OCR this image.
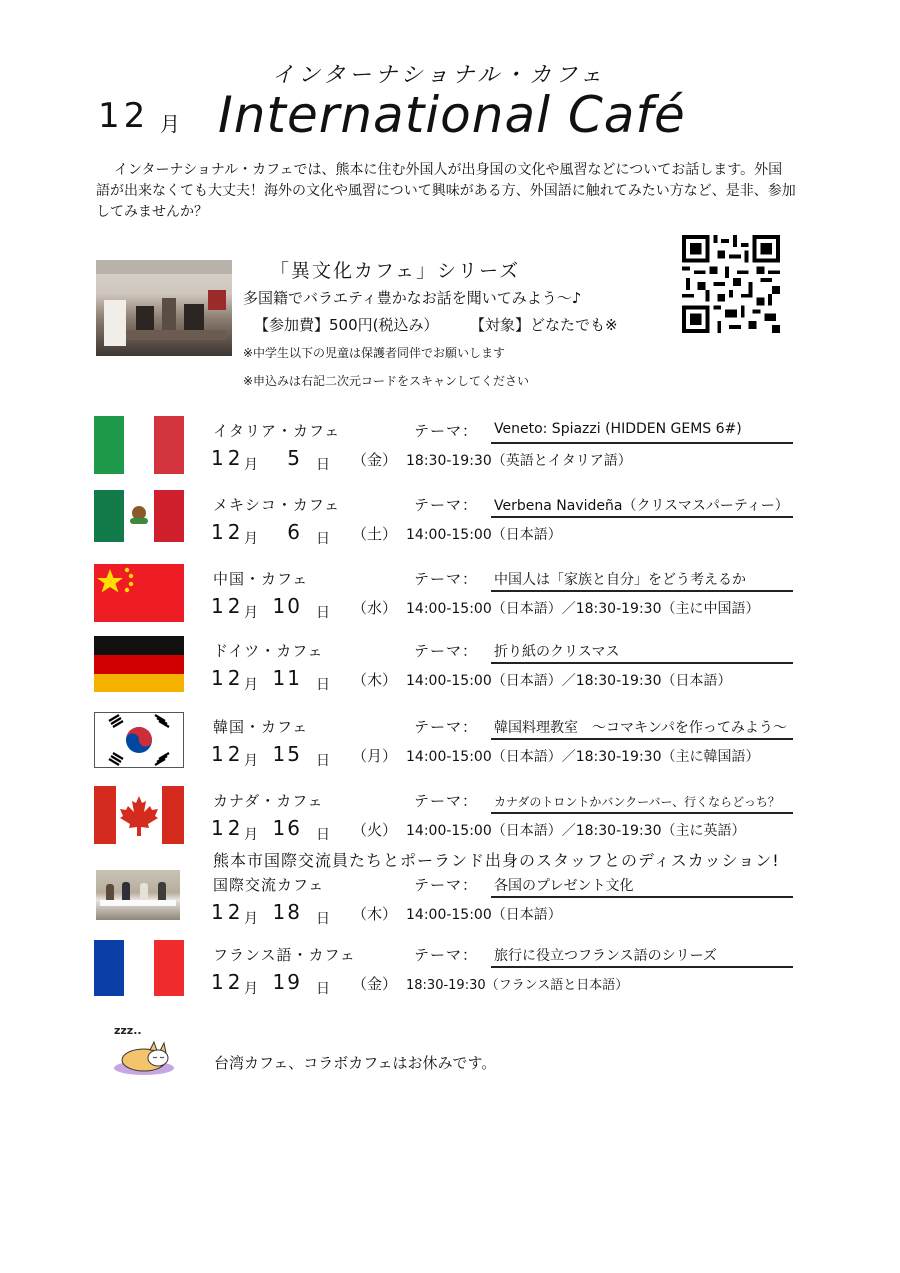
インターナショナル・カフェ
12 月 International Café
インターナショナル・カフェでは、熊本に住む外国人が出身国の文化や風習などについてお話します。外国語が出来なくても大丈夫！海外の文化や風習について興味がある方、外国語に触れてみたい方など、是非、参加してみませんか？
「異文化カフェ」シリーズ
多国籍でバラエティ豊かなお話を聞いてみよう～♪
【参加費】500円(税込み） 【対象】どなたでも※
※中学生以下の児童は保護者同伴でお願いします
※申込みは右記二次元コードをスキャンしてください
イタリア・カフェ	テーマ： Veneto: Spiazzi (HIDDEN GEMS 6#)
12 月	5 日 （金） 18:30-19:30（英語とイタリア語）
メキシコ・カフェ	テーマ： Verbena Navideña（クリスマスパーティー）
12 月	6 日 （土） 14:00-15:00（日本語）
中国・カフェ	テーマ： 中国人は「家族と自分」をどう考えるか
12 月 10 日 （水） 14:00-15:00（日本語）／18:30-19:30（主に中国語）
ドイツ・カフェ	テーマ： 折り紙のクリスマス
12 月 11 日 （木） 14:00-15:00（日本語）／18:30-19:30（日本語）
韓国・カフェ	テーマ： 韓国料理教室　～コマキンパを作ってみよう～
12 月 15 日 （月） 14:00-15:00（日本語）／18:30-19:30（主に韓国語）
カナダ・カフェ	テーマ： カナダのトロントかバンクーバー、行くならどっち？
12 月 16 日 （火） 14:00-15:00（日本語）／18:30-19:30（主に英語）
熊本市国際交流員たちとポーランド出身のスタッフとのディスカッション!
国際交流カフェ	テーマ： 各国のプレゼント文化
12 月 18 日 （木） 14:00-15:00（日本語）
フランス語・カフェ	テーマ： 旅行に役立つフランス語のシリーズ
12 月 19 日 （金） 18:30-19:30（フランス語と日本語）
zzz..
台湾カフェ、コラボカフェはお休みです。
